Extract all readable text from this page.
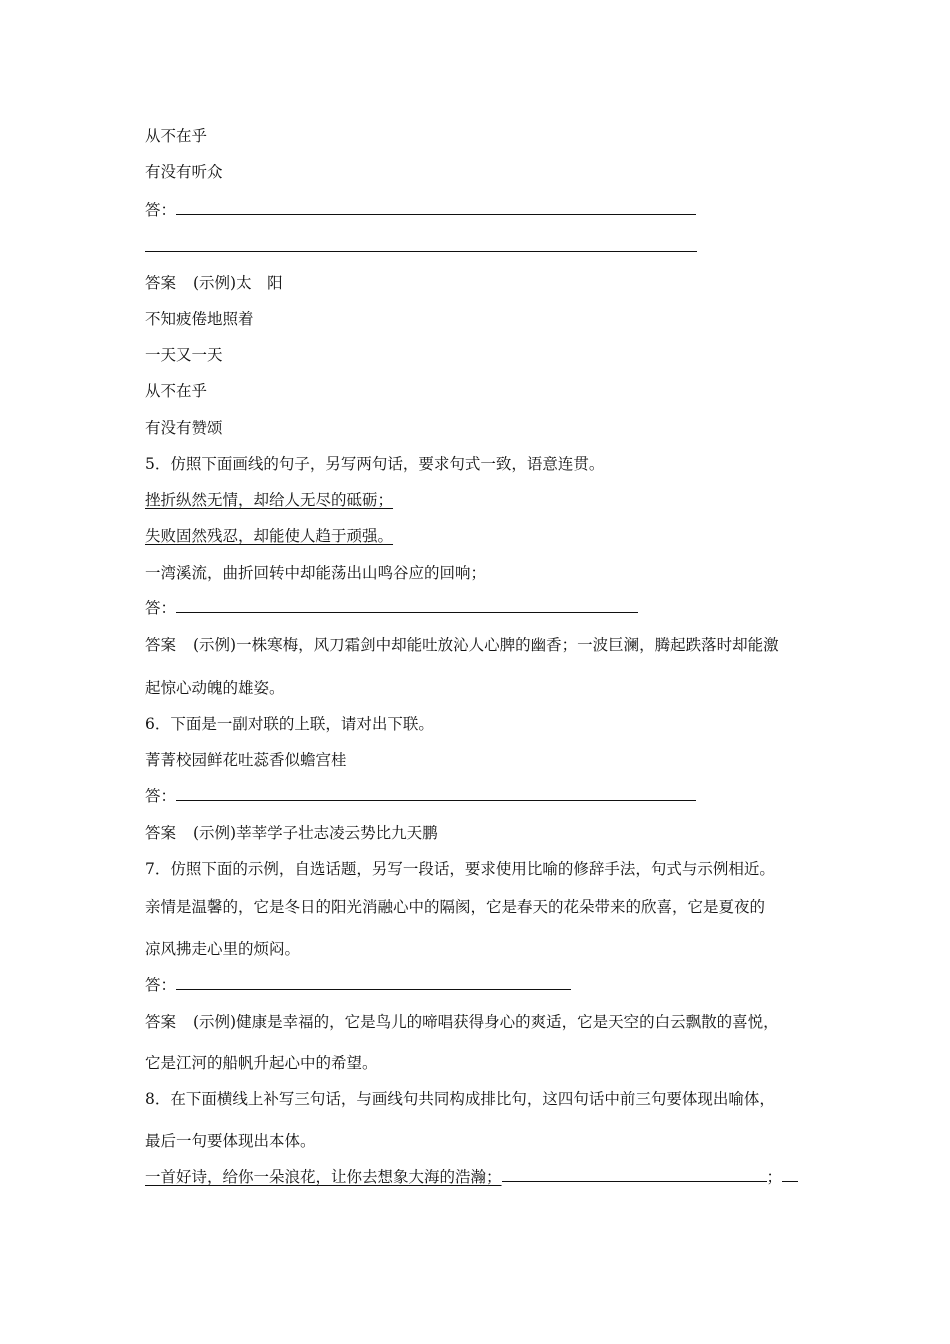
从不在乎
有没有听众
答：
答案 (示例)太　阳
不知疲倦地照着
一天又一天
从不在乎
有没有赞颂
5．仿照下面画线的句子，另写两句话，要求句式一致，语意连贯。
挫折纵然无情，却给人无尽的砥砺；
失败固然残忍，却能使人趋于顽强。
一湾溪流，曲折回转中却能荡出山鸣谷应的回响；
答：
答案 (示例)一株寒梅，风刀霜剑中却能吐放沁人心脾的幽香；一波巨澜，腾起跌落时却能激
起惊心动魄的雄姿。
6．下面是一副对联的上联，请对出下联。
菁菁校园鲜花吐蕊香似蟾宫桂
答：
答案 (示例)莘莘学子壮志凌云势比九天鹏
7．仿照下面的示例，自选话题，另写一段话，要求使用比喻的修辞手法，句式与示例相近。
亲情是温馨的，它是冬日的阳光消融心中的隔阂，它是春天的花朵带来的欣喜，它是夏夜的
凉风拂走心里的烦闷。
答：
答案 (示例)健康是幸福的，它是鸟儿的啼唱获得身心的爽适，它是天空的白云飘散的喜悦，
它是江河的船帆升起心中的希望。
8．在下面横线上补写三句话，与画线句共同构成排比句，这四句话中前三句要体现出喻体，
最后一句要体现出本体。
一首好诗，给你一朵浪花，让你去想象大海的浩瀚；	；
